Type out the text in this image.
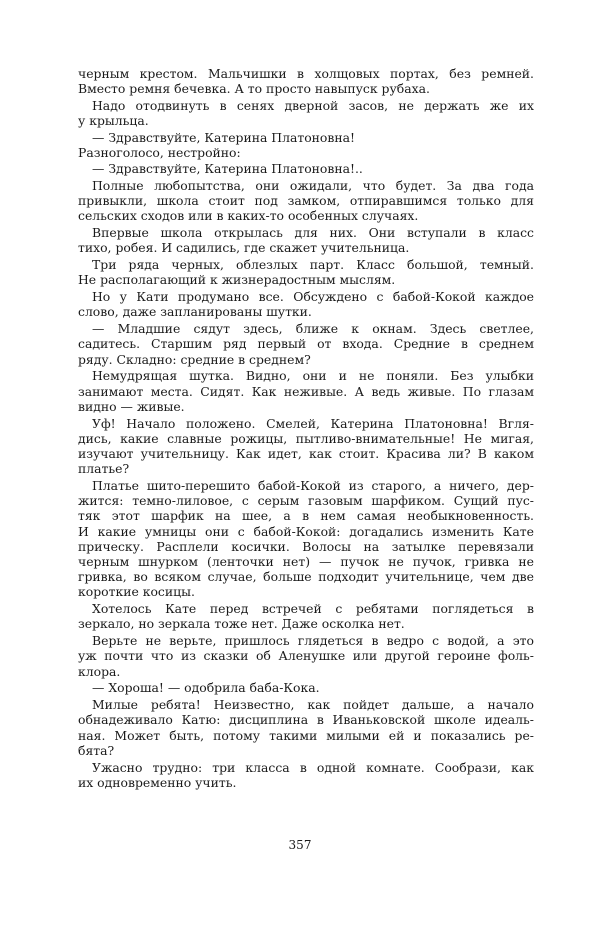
черным крестом. Мальчишки в холщовых портах, без ремней.
Вместо ремня бечевка. А то просто навыпуск рубаха.
Надо отодвинуть в сенях дверной засов, не держать же их
у крыльца.
— Здравствуйте, Катерина Платоновна!
Разноголосо, нестройно:
— Здравствуйте, Катерина Платоновна!..
Полные любопытства, они ожидали, что будет. За два года
привыкли, школа стоит под замком, отпиравшимся только для
сельских сходов или в каких-то особенных случаях.
Впервые школа открылась для них. Они вступали в класс
тихо, робея. И садились, где скажет учительница.
Три ряда черных, облезлых парт. Класс большой, темный.
Не располагающий к жизнерадостным мыслям.
Но у Кати продумано все. Обсуждено с бабой-Кокой каждое
слово, даже запланированы шутки.
— Младшие сядут здесь, ближе к окнам. Здесь светлее,
садитесь. Старшим ряд первый от входа. Средние в среднем
ряду. Складно: средние в среднем?
Немудрящая шутка. Видно, они и не поняли. Без улыбки
занимают места. Сидят. Как неживые. А ведь живые. По глазам
видно — живые.
Уф! Начало положено. Смелей, Катерина Платоновна! Вгля-
дись, какие славные рожицы, пытливо-внимательные! Не мигая,
изучают учительницу. Как идет, как стоит. Красива ли? В каком
платье?
Платье шито-перешито бабой-Кокой из старого, а ничего, дер-
жится: темно-лиловое, с серым газовым шарфиком. Сущий пус-
тяк этот шарфик на шее, а в нем самая необыкновенность.
И какие умницы они с бабой-Кокой: догадались изменить Кате
прическу. Расплели косички. Волосы на затылке перевязали
черным шнурком (ленточки нет) — пучок не пучок, гривка не
гривка, во всяком случае, больше подходит учительнице, чем две
короткие косицы.
Хотелось Кате перед встречей с ребятами поглядеться в
зеркало, но зеркала тоже нет. Даже осколка нет.
Верьте не верьте, пришлось глядеться в ведро с водой, а это
уж почти что из сказки об Аленушке или другой героине фоль-
клора.
— Хороша! — одобрила баба-Кока.
Милые ребята! Неизвестно, как пойдет дальше, а начало
обнадеживало Катю: дисциплина в Иваньковской школе идеаль-
ная. Может быть, потому такими милыми ей и показались ре-
бята?
Ужасно трудно: три класса в одной комнате. Сообрази, как
их одновременно учить.
357
